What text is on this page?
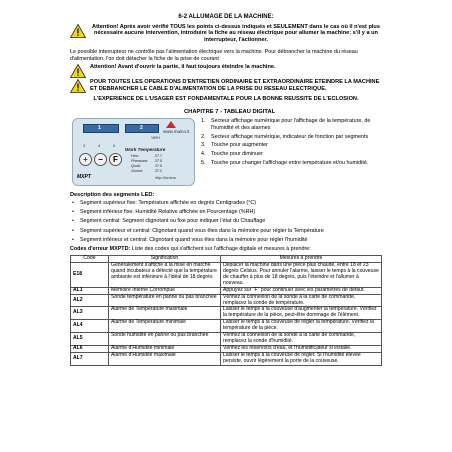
6-2 ALLUMAGE DE LA MACHINE:
Attention! Après avoir vérifié TOUS les points ci-dessus indiqués et SEULEMENT dans le cas où il n'est plus nécessaire aucune intervention, introduire la fiche au réseau électrique pour allumer la machine; s'il y a un interrupteur, l'actionner.
Le possible interrupteur ne contrôle pas l'alimentation électrique vers la machine. Pour débrancher la machine du réseau d'alimentation, l'on doit détacher la fiche de la prise de courant
Attention! Avant d'ouvrir la partie, il faut toujours éteindre la machine.
POUR TOUTES LES OPERATIONS D'ENTRETIEN ORDINAIRE ET EXTRAORDINAIRE ETEINDRE LA MACHINE ET DEBRANCHER LE CABLE D'ALIMENTATION DE LA PRISE DU RESEAU ELECTRIQUE.
L'EXPERIENCE DE L'USAGER EST FONDAMENTALE POUR LA BONNE REUSSITE DE L'ECLOSION.
CHAPITRE 7 - TABLEAU DIGITAL
1	2
www.maino.it
%RH
+	−	F
3	4	5
Work Temperature
Hen:	37.7
Pheasant:	37.5
Quail:	37.5
Goose:	37.2
MXPT	http://lamina
1.	Secteur affichage numérique pour l'affichage de la température, de l'humidité et des alarmes
2.	Secteur affichage numérique, indicateur de fonction par segments
3.	Touche pour augmenter
4.	Touche pour diminuer
5.	Touche pour changer l'affichage entre température et/ou humidité.
Description des segments LED:
•	Segment supérieur fixe: Température affichée en degrés Centigrades (°C)
•	Segment inférieur fixe: Humidité Relative affichée en Pourcentage (%RH)
•	Segment central: Segment clignotant ou fixe pour indiquer l'état du Chauffage
•	Segment supérieur et central: Clignotant quand vous êtes dans la mémoire pour régler la Température
•	Segment inférieur et central: Clignotant quand vous êtes dans la mémoire pour régler l'humidité
Codes d'erreur MXPTD: Liste des codes qui s'affichent sur l'affichage digitale et mesures à prendre:
Code	Signification	Mesures à prendre
E18	Généralement s'affiche à la mise en marche quand incubateur a détecté que la température ambiante est inférieure à l'idéal de 18 degrés	Déplacer la machine dans une pièce plus chaude, entre 18 et 23 degrés Celsius. Pour annuler l'alarme, laisser le temps à la couveuse de chauffer à plus de 18 degrés, puis l'éteindre et l'allumer à nouveau.
AL1	Mémoire Interne Corrompue	Appuyez sur "F" pour continuer avec les paramètres de défaut.
AL2	Sonde température en panne ou pas branchée	Vérifiez la connexion de la sonde à la carte de commande, remplacez la sonde de température.
AL3	Alarme de Température maximale	Laisser le temps à la couveuse d'augmenter la température. Vérifiez la température de la pièce, peut-être dommage de l'élément.
AL4	Alarme de Température minimale	Laisser le temps à la couveuse de régler la température. Vérifiez la température de la pièce.
AL5	Sonde humidité en panne ou pas branchée	Vérifiez la connexion de la sonde à la carte de commande, remplacez la sonde d'humidité.
AL6	Alarme d'Humidité minimale	Vérifiez les réservoirs d'eau, et l'humidificateur si installé.
AL7	Alarme d'Humidité maximale	Laisser le temps à la couveuse de régler. Si l'humidité élevée persiste, ouvrir légèrement la porte de la couveuse.
